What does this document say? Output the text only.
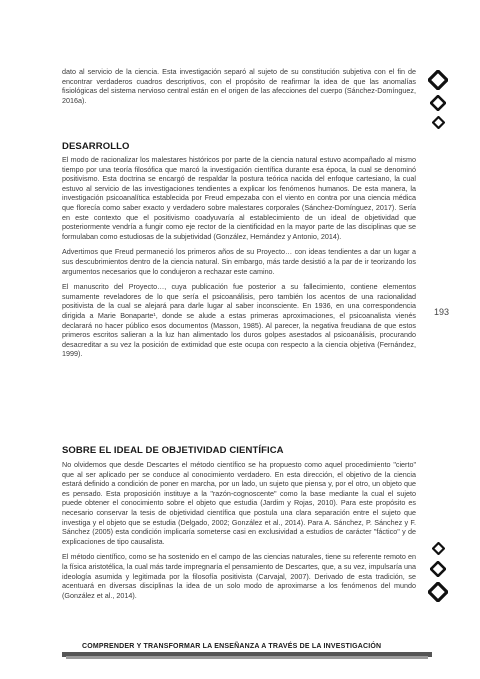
dato al servicio de la ciencia. Esta investigación separó al sujeto de su constitución subjetiva con el fin de encontrar verdaderos cuadros descriptivos, con el propósito de reafirmar la idea de que las anomalías fisiológicas del sistema nervioso central están en el origen de las afecciones del cuerpo (Sánchez-Domínguez, 2016a).

DESARROLLO

El modo de racionalizar los malestares históricos por parte de la ciencia natural estuvo acompañado al mismo tiempo por una teoría filosófica que marcó la investigación científica durante esa época, la cual se denominó positivismo. Esta doctrina se encargó de respaldar la postura teórica nacida del enfoque cartesiano, la cual estuvo al servicio de las investigaciones tendientes a explicar los fenómenos humanos. De esta manera, la investigación psicoanalítica establecida por Freud empezaba con el viento en contra por una ciencia médica que florecía como saber exacto y verdadero sobre malestares corporales (Sánchez-Domínguez, 2017). Sería en este contexto que el positivismo coadyuvaría al establecimiento de un ideal de objetividad que posteriormente vendría a fungir como eje rector de la cientificidad en la mayor parte de las disciplinas que se formulaban como estudiosas de la subjetividad (González, Hernández y Antonio, 2014).

Advertimos que Freud permaneció los primeros años de su Proyecto… con ideas tendientes a dar un lugar a sus descubrimientos dentro de la ciencia natural. Sin embargo, más tarde desistió a la par de ir teorizando los argumentos necesarios que lo condujeron a rechazar este camino.

El manuscrito del Proyecto…, cuya publicación fue posterior a su fallecimiento, contiene elementos sumamente reveladores de lo que sería el psicoanálisis, pero también los acentos de una racionalidad positivista de la cual se alejará para darle lugar al saber inconsciente. En 1936, en una correspondencia dirigida a Marie Bonaparte¹, donde se alude a estas primeras aproximaciones, el psicoanalista vienés declarará no hacer público esos documentos (Masson, 1985). Al parecer, la negativa freudiana de que estos primeros escritos salieran a la luz han alimentado los duros golpes asestados al psicoanálisis, procurando desacreditar a su vez la posición de extimidad que este ocupa con respecto a la ciencia objetiva (Fernández, 1999).

193
SOBRE EL IDEAL DE OBJETIVIDAD CIENTÍFICA

No olvidemos que desde Descartes el método científico se ha propuesto como aquel procedimiento "cierto" que al ser aplicado per se conduce al conocimiento verdadero. En esta dirección, el objetivo de la ciencia estará definido a condición de poner en marcha, por un lado, un sujeto que piensa y, por el otro, un objeto que es pensado. Esta proposición instituye a la "razón-cognoscente" como la base mediante la cual el sujeto puede obtener el conocimiento sobre el objeto que estudia (Jardim y Rojas, 2010). Para este propósito es necesario conservar la tesis de objetividad científica que postula una clara separación entre el sujeto que investiga y el objeto que se estudia (Delgado, 2002; González et al., 2014). Para A. Sánchez, P. Sánchez y F. Sánchez (2005) esta condición implicaría someterse casi en exclusividad a estudios de carácter "fáctico" y de explicaciones de tipo causalista.

El método científico, como se ha sostenido en el campo de las ciencias naturales, tiene su referente remoto en la física aristotélica, la cual más tarde impregnaría el pensamiento de Descartes, que, a su vez, impulsaría una ideología asumida y legitimada por la filosofía positivista (Carvajal, 2007). Derivado de esta tradición, se acentuará en diversas disciplinas la idea de un solo modo de aproximarse a los fenómenos del mundo (González et al., 2014).

COMPRENDER Y TRANSFORMAR LA ENSEÑANZA A TRAVÉS DE LA INVESTIGACIÓN
